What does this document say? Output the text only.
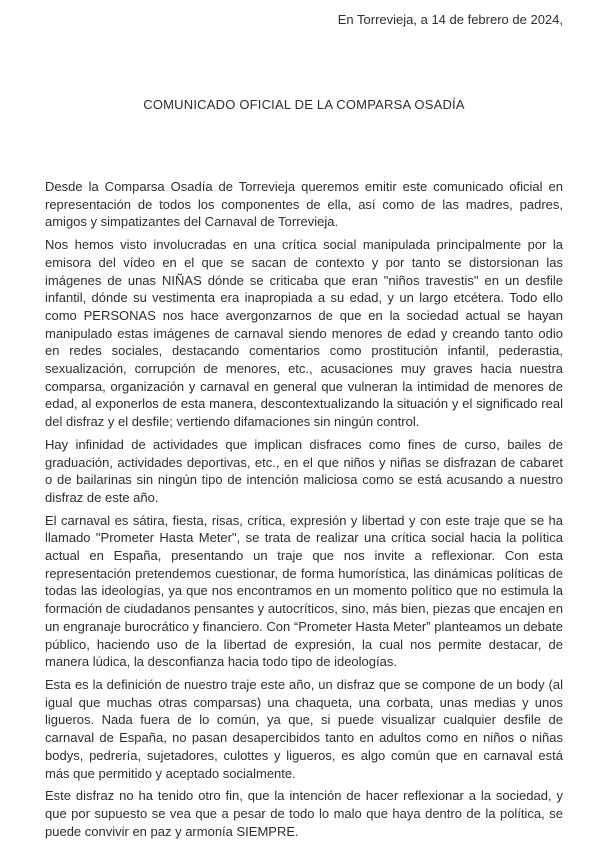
En Torrevieja, a 14 de febrero de 2024,
COMUNICADO OFICIAL DE LA COMPARSA OSADÍA

Desde la Comparsa Osadía de Torrevieja queremos emitir este comunicado oficial en representación de todos los componentes de ella, así como de las madres, padres, amigos y simpatizantes del Carnaval de Torrevieja.

Nos hemos visto involucradas en una crítica social manipulada principalmente por la emisora del vídeo en el que se sacan de contexto y por tanto se distorsionan las imágenes de unas NIÑAS dónde se criticaba que eran "niños travestis" en un desfile infantil, dónde su vestimenta era inapropiada a su edad, y un largo etcétera. Todo ello como PERSONAS nos hace avergonzarnos de que en la sociedad actual se hayan manipulado estas imágenes de carnaval siendo menores de edad y creando tanto odio en redes sociales, destacando comentarios como prostitución infantil, pederastia, sexualización, corrupción de menores, etc., acusaciones muy graves hacia nuestra comparsa, organización y carnaval en general que vulneran la intimidad de menores de edad, al exponerlos de esta manera, descontextualizando la situación y el significado real del disfraz y el desfile; vertiendo difamaciones sin ningún control.

Hay infinidad de actividades que implican disfraces como fines de curso, bailes de graduación, actividades deportivas, etc., en el que niños y niñas se disfrazan de cabaret o de bailarinas sin ningún tipo de intención maliciosa como se está acusando a nuestro disfraz de este año.

El carnaval es sátira, fiesta, risas, crítica, expresión y libertad y con este traje que se ha llamado "Prometer Hasta Meter", se trata de realizar una crítica social hacia la política actual en España, presentando un traje que nos invite a reflexionar. Con esta representación pretendemos cuestionar, de forma humorística, las dinámicas políticas de todas las ideologías, ya que nos encontramos en un momento político que no estimula la formación de ciudadanos pensantes y autocríticos, sino, más bien, piezas que encajen en un engranaje burocrático y financiero. Con “Prometer Hasta Meter” planteamos un debate público, haciendo uso de la libertad de expresión, la cual nos permite destacar, de manera lúdica, la desconfianza hacia todo tipo de ideologías.

Esta es la definición de nuestro traje este año, un disfraz que se compone de un body (al igual que muchas otras comparsas) una chaqueta, una corbata, unas medias y unos ligueros. Nada fuera de lo común, ya que, si puede visualizar cualquier desfile de carnaval de España, no pasan desapercibidos tanto en adultos como en niños o niñas bodys, pedrería, sujetadores, culottes y ligueros, es algo común que en carnaval está más que permitido y aceptado socialmente.

Este disfraz no ha tenido otro fin, que la intención de hacer reflexionar a la sociedad, y que por supuesto se vea que a pesar de todo lo malo que haya dentro de la política, se puede convivir en paz y armonía SIEMPRE.
